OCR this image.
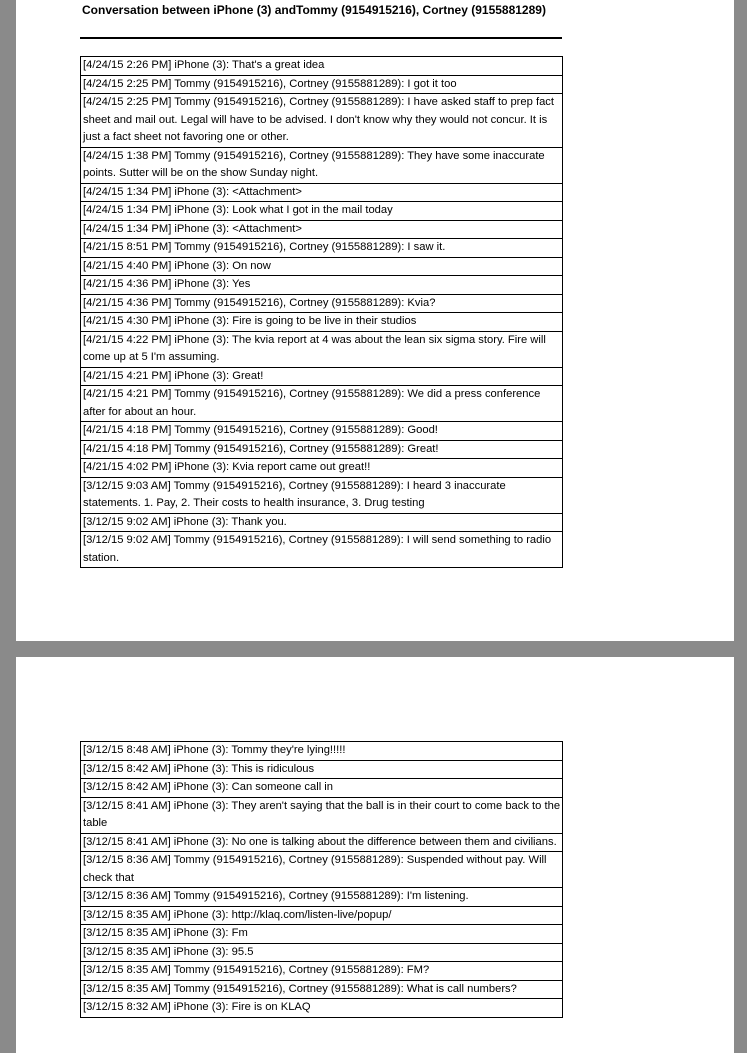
Conversation between iPhone (3) andTommy (9154915216), Cortney (9155881289)
[4/24/15 2:26 PM] iPhone (3): That's a great idea
[4/24/15 2:25 PM] Tommy (9154915216), Cortney (9155881289): I got it too
[4/24/15 2:25 PM] Tommy (9154915216), Cortney (9155881289): I have asked staff to prep fact sheet and mail out. Legal will have to be advised. I don't know why they would not concur. It is just a fact sheet not favoring one or other.
[4/24/15 1:38 PM] Tommy (9154915216), Cortney (9155881289): They have some inaccurate points. Sutter will be on the show Sunday night.
[4/24/15 1:34 PM] iPhone (3): <Attachment>
[4/24/15 1:34 PM] iPhone (3): Look what I got in the mail today
[4/24/15 1:34 PM] iPhone (3): <Attachment>
[4/21/15 8:51 PM] Tommy (9154915216), Cortney (9155881289): I saw it.
[4/21/15 4:40 PM] iPhone (3): On now
[4/21/15 4:36 PM] iPhone (3): Yes
[4/21/15 4:36 PM] Tommy (9154915216), Cortney (9155881289): Kvia?
[4/21/15 4:30 PM] iPhone (3): Fire is going to be live in their studios
[4/21/15 4:22 PM] iPhone (3): The kvia report at 4 was about the lean six sigma story. Fire will come up at 5 I'm assuming.
[4/21/15 4:21 PM] iPhone (3): Great!
[4/21/15 4:21 PM] Tommy (9154915216), Cortney (9155881289): We did a press conference after for about an hour.
[4/21/15 4:18 PM] Tommy (9154915216), Cortney (9155881289): Good!
[4/21/15 4:18 PM] Tommy (9154915216), Cortney (9155881289): Great!
[4/21/15 4:02 PM] iPhone (3): Kvia report came out great!!
[3/12/15 9:03 AM] Tommy (9154915216), Cortney (9155881289): I heard 3 inaccurate statements. 1. Pay, 2. Their costs to health insurance, 3. Drug testing
[3/12/15 9:02 AM] iPhone (3): Thank you.
[3/12/15 9:02 AM] Tommy (9154915216), Cortney (9155881289): I will send something to radio station.
[3/12/15 8:48 AM] iPhone (3): Tommy they're lying!!!!!
[3/12/15 8:42 AM] iPhone (3): This is ridiculous
[3/12/15 8:42 AM] iPhone (3): Can someone call in
[3/12/15 8:41 AM] iPhone (3): They aren't saying that the ball is in their court to come back to the table
[3/12/15 8:41 AM] iPhone (3): No one is talking about the difference between them and civilians.
[3/12/15 8:36 AM] Tommy (9154915216), Cortney (9155881289): Suspended without pay. Will check that
[3/12/15 8:36 AM] Tommy (9154915216), Cortney (9155881289): I'm listening.
[3/12/15 8:35 AM] iPhone (3): http://klaq.com/listen-live/popup/
[3/12/15 8:35 AM] iPhone (3): Fm
[3/12/15 8:35 AM] iPhone (3): 95.5
[3/12/15 8:35 AM] Tommy (9154915216), Cortney (9155881289): FM?
[3/12/15 8:35 AM] Tommy (9154915216), Cortney (9155881289): What is call numbers?
[3/12/15 8:32 AM] iPhone (3): Fire is on KLAQ
